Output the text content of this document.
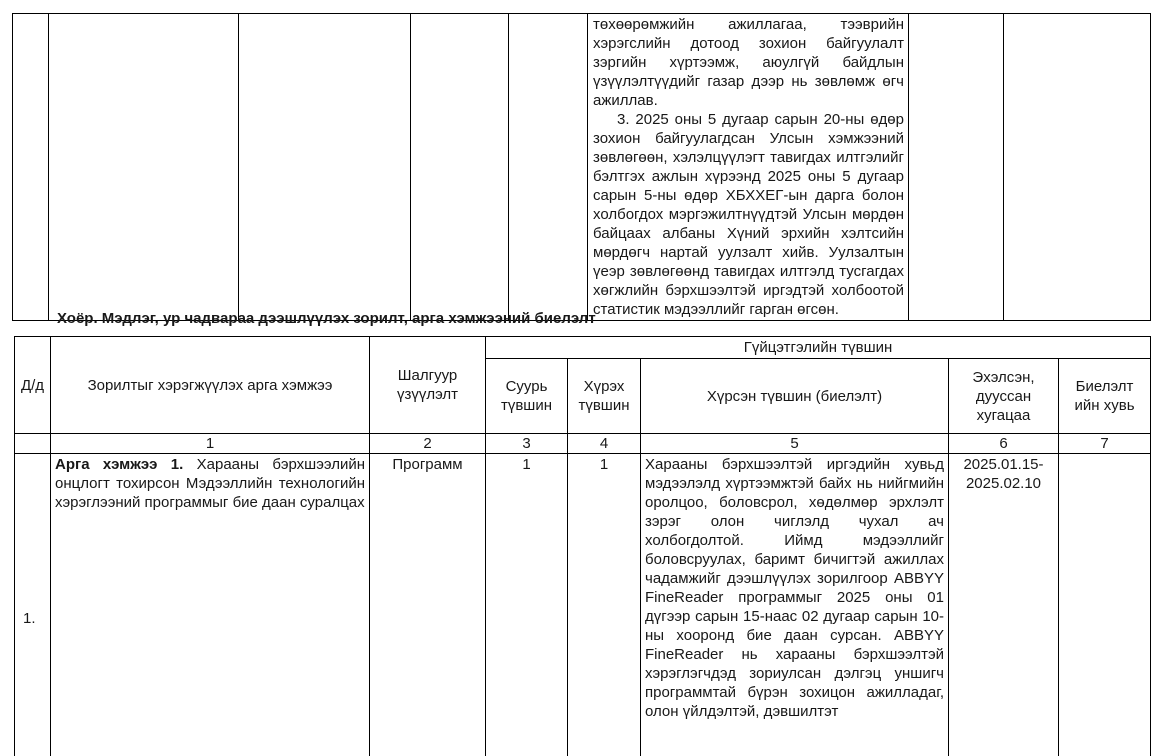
төхөөрөмжийн ажиллагаа, тээврийн хэрэгслийн дотоод зохион байгуулалт зэргийн хүртээмж, аюулгүй байдлын үзүүлэлтүүдийг газар дээр нь зөвлөмж өгч ажиллав.

3. 2025 оны 5 дугаар сарын 20-ны өдөр зохион байгуулагдсан Улсын хэмжээний зөвлөгөөн, хэлэлцүүлэгт тавигдах илтгэлийг бэлтгэх ажлын хүрээнд 2025 оны 5 дугаар сарын 5-ны өдөр ХБХХЕГ-ын дарга болон холбогдох мэргэжилтнүүдтэй Улсын мөрдөн байцаах албаны Хүний эрхийн хэлтсийн мөрдөгч нартай уулзалт хийв. Уулзалтын үеэр зөвлөгөөнд тавигдах илтгэлд тусгагдах хөгжлийн бэрхшээлтэй иргэдтэй холбоотой статистик мэдээллийг гарган өгсөн.

Хоёр. Мэдлэг, ур чадвараа дээшлүүлэх зорилт, арга хэмжээний биелэлт
Д/д	Зорилтыг хэрэгжүүлэх арга хэмжээ	Шалгуур үзүүлэлт	Гүйцэтгэлийн түвшин				
			Суурь түвшин	Хүрэх түвшин	Хүрсэн түвшин (биелэлт)	Эхэлсэн, дууссан хугацаа	Биелэлт ийн хувь
	1	2	3	4	5	6	7
1.	Арга хэмжээ 1. Харааны бэрхшээлийн онцлогт тохирсон Мэдээллийн технологийн хэрэглээний программыг бие даан суралцах	Программ	1	1	Харааны бэрхшээлтэй иргэдийн хувьд мэдээлэлд хүртээмжтэй байх нь нийгмийн оролцоо, боловсрол, хөдөлмөр эрхлэлт зэрэг олон чиглэлд чухал ач холбогдолтой. Иймд мэдээллийг боловсруулах, баримт бичигтэй ажиллах чадамжийг дээшлүүлэх зорилгоор ABBYY FineReader программыг 2025 оны 01 дүгээр сарын 15-наас 02 дугаар сарын 10-ны хооронд бие даан сурсан. ABBYY FineReader нь харааны бэрхшээлтэй хэрэглэгчдэд зориулсан дэлгэц уншигч программтай бүрэн зохицон ажилладаг, олон үйлдэлтэй, дэвшилтэт	2025.01.15-2025.02.10	
